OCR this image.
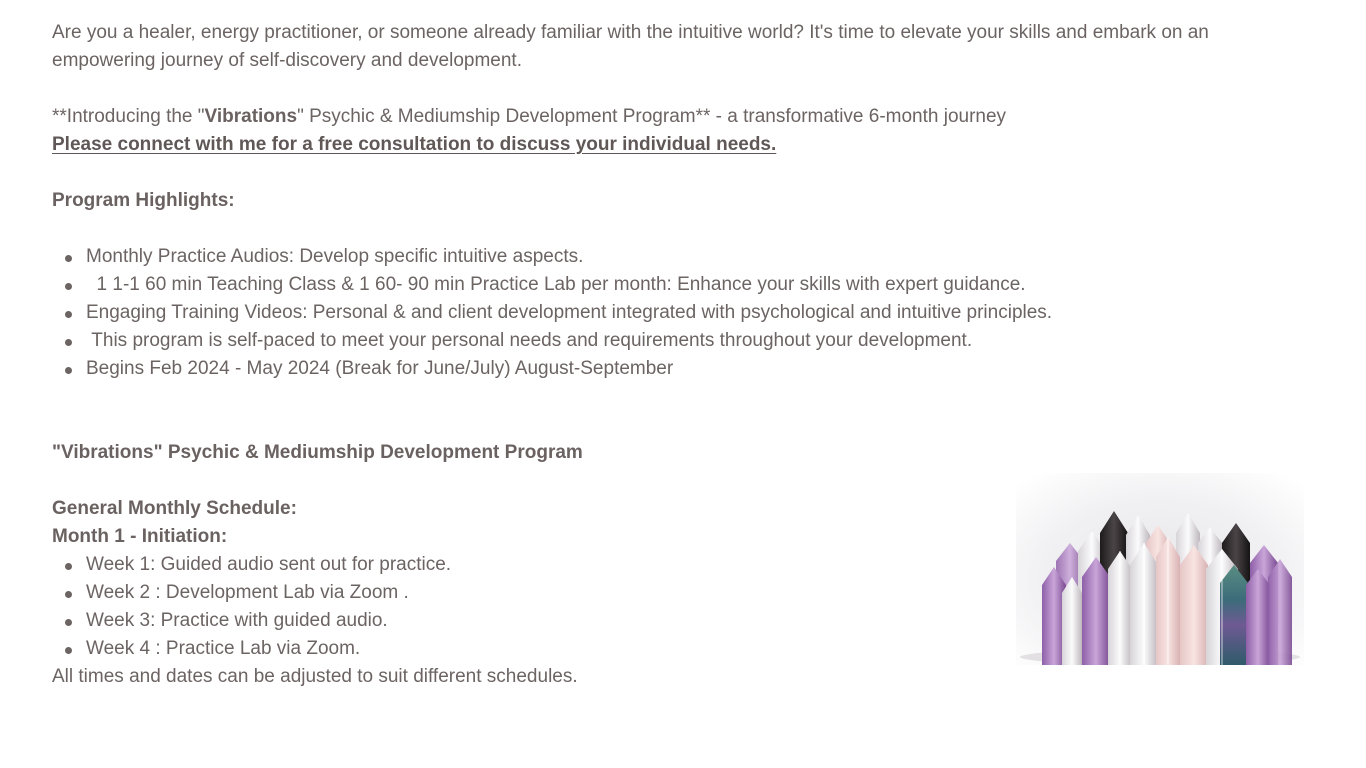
Are you a healer, energy practitioner, or someone already familiar with the intuitive world? It's time to elevate your skills and embark on an empowering journey of self-discovery and development.

**Introducing the "Vibrations" Psychic & Mediumship Development Program** - a transformative 6-month journey

Please connect with me for a free consultation to discuss your individual needs.

Program Highlights:

Monthly Practice Audios: Develop specific intuitive aspects.
1 1-1 60 min Teaching Class & 1 60- 90 min Practice Lab per month: Enhance your skills with expert guidance.
Engaging Training Videos: Personal & and client development integrated with psychological and intuitive principles.
This program is self-paced to meet your personal needs and requirements throughout your development.
Begins Feb 2024 - May 2024 (Break for June/July) August-September

"Vibrations" Psychic & Mediumship Development Program

General Monthly Schedule:

Month 1 - Initiation:

Week 1: Guided audio sent out for practice.
Week 2 : Development Lab via Zoom .
Week 3: Practice with guided audio.
Week 4 : Practice Lab via Zoom.

All times and dates can be adjusted to suit different schedules.
